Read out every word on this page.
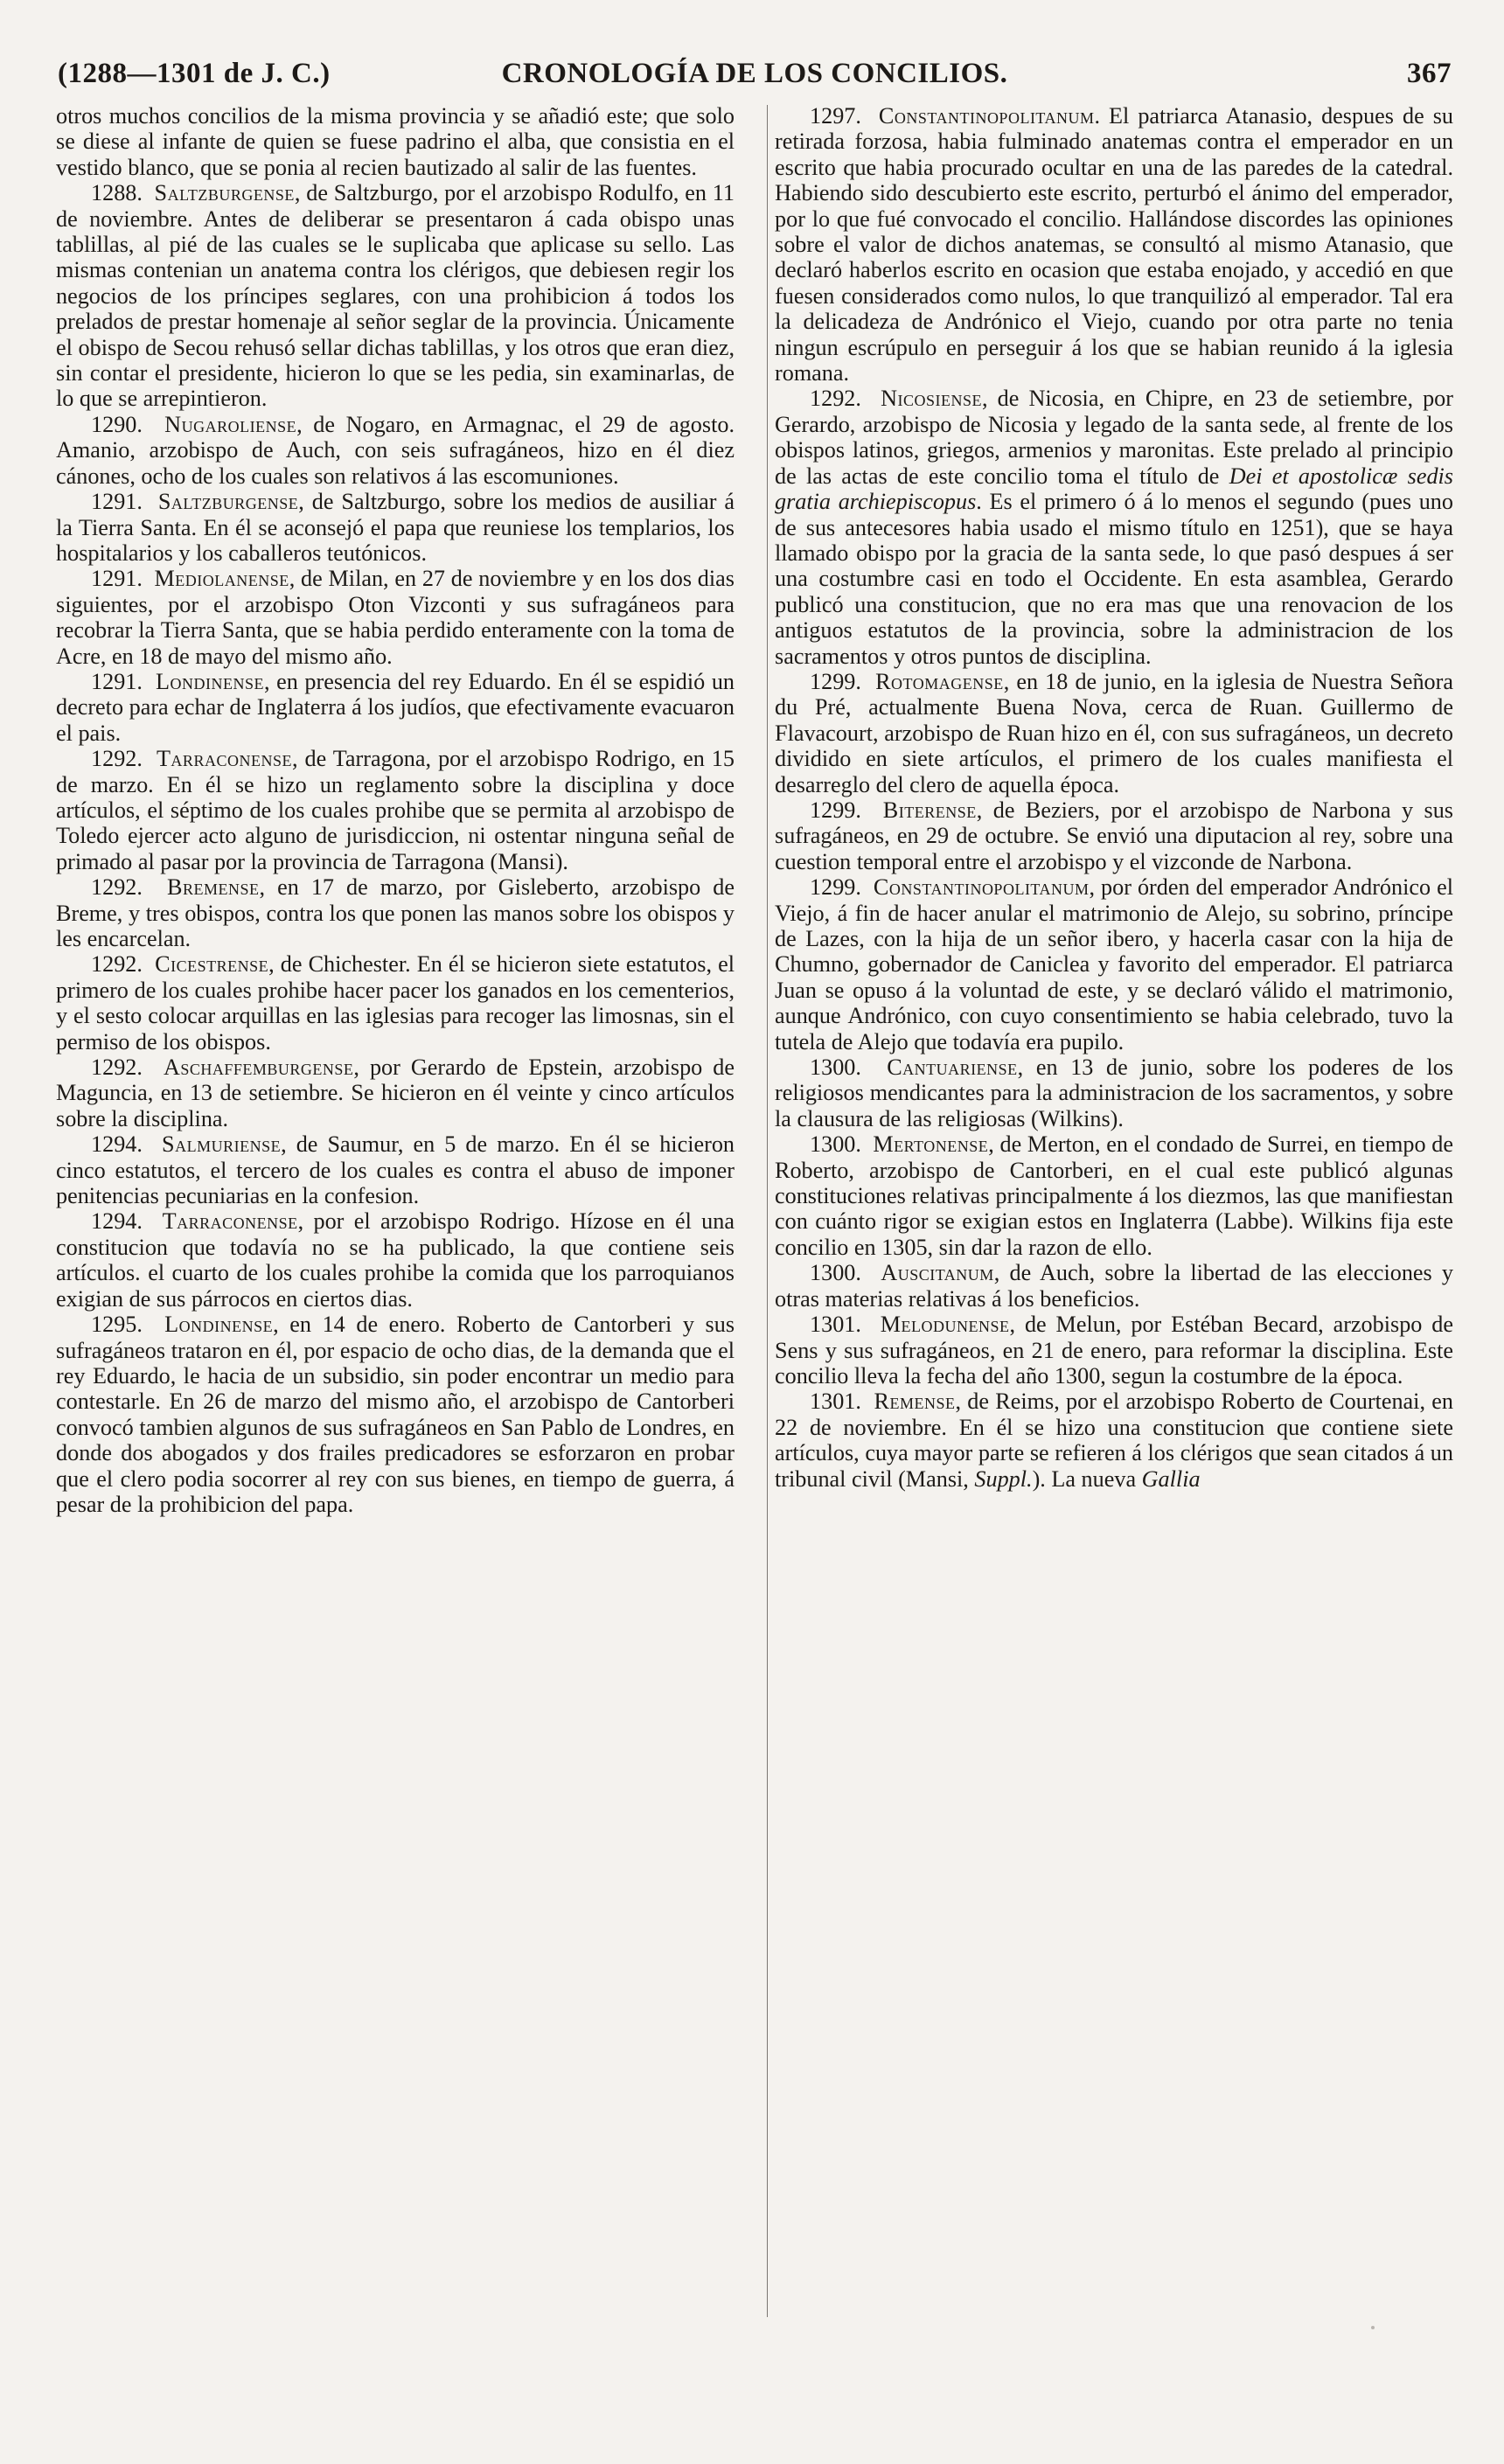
(1288—1301 de J. C.)	CRONOLOGÍA DE LOS CONCILIOS.	367

otros muchos concilios de la misma provincia y se añadió este; que solo se diese al infante de quien se fuese padrino el alba, que consistia en el vestido blanco, que se ponia al recien bautizado al salir de las fuentes.

1288. Saltzburgense, de Saltzburgo, por el arzobispo Rodulfo, en 11 de noviembre. Antes de deliberar se presentaron á cada obispo unas tablillas, al pié de las cuales se le suplicaba que aplicase su sello. Las mismas contenian un anatema contra los clérigos, que debiesen regir los negocios de los príncipes seglares, con una prohibicion á todos los prelados de prestar homenaje al señor seglar de la provincia. Únicamente el obispo de Secou rehusó sellar dichas tablillas, y los otros que eran diez, sin contar el presidente, hicieron lo que se les pedia, sin examinarlas, de lo que se arrepintieron.

1290. Nugaroliense, de Nogaro, en Armagnac, el 29 de agosto. Amanio, arzobispo de Auch, con seis sufragáneos, hizo en él diez cánones, ocho de los cuales son relativos á las escomuniones.

1291. Saltzburgense, de Saltzburgo, sobre los medios de ausiliar á la Tierra Santa. En él se aconsejó el papa que reuniese los templarios, los hospitalarios y los caballeros teutónicos.

1291. Mediolanense, de Milan, en 27 de noviembre y en los dos dias siguientes, por el arzobispo Oton Vizconti y sus sufragáneos para recobrar la Tierra Santa, que se habia perdido enteramente con la toma de Acre, en 18 de mayo del mismo año.

1291. Londinense, en presencia del rey Eduardo. En él se espidió un decreto para echar de Inglaterra á los judíos, que efectivamente evacuaron el pais.

1292. Tarraconense, de Tarragona, por el arzobispo Rodrigo, en 15 de marzo. En él se hizo un reglamento sobre la disciplina y doce artículos, el séptimo de los cuales prohibe que se permita al arzobispo de Toledo ejercer acto alguno de jurisdiccion, ni ostentar ninguna señal de primado al pasar por la provincia de Tarragona (Mansi).

1292. Bremense, en 17 de marzo, por Gisleberto, arzobispo de Breme, y tres obispos, contra los que ponen las manos sobre los obispos y les encarcelan.

1292. Cicestrense, de Chichester. En él se hicieron siete estatutos, el primero de los cuales prohibe hacer pacer los ganados en los cementerios, y el sesto colocar arquillas en las iglesias para recoger las limosnas, sin el permiso de los obispos.

1292. Aschaffemburgense, por Gerardo de Epstein, arzobispo de Maguncia, en 13 de setiembre. Se hicieron en él veinte y cinco artículos sobre la disciplina.

1294. Salmuriense, de Saumur, en 5 de marzo. En él se hicieron cinco estatutos, el tercero de los cuales es contra el abuso de imponer penitencias pecuniarias en la confesion.

1294. Tarraconense, por el arzobispo Rodrigo. Hízose en él una constitucion que todavía no se ha publicado, la que contiene seis artículos. el cuarto de los cuales prohibe la comida que los parroquianos exigian de sus párrocos en ciertos dias.

1295. Londinense, en 14 de enero. Roberto de Cantorberi y sus sufragáneos trataron en él, por espacio de ocho dias, de la demanda que el rey Eduardo, le hacia de un subsidio, sin poder encontrar un medio para contestarle. En 26 de marzo del mismo año, el arzobispo de Cantorberi convocó tambien algunos de sus sufragáneos en San Pablo de Londres, en donde dos abogados y dos frailes predicadores se esforzaron en probar que el clero podia socorrer al rey con sus bienes, en tiempo de guerra, á pesar de la prohibicion del papa.

1297. Constantinopolitanum. El patriarca Atanasio, despues de su retirada forzosa, habia fulminado anatemas contra el emperador en un escrito que habia procurado ocultar en una de las paredes de la catedral. Habiendo sido descubierto este escrito, perturbó el ánimo del emperador, por lo que fué convocado el concilio. Hallándose discordes las opiniones sobre el valor de dichos anatemas, se consultó al mismo Atanasio, que declaró haberlos escrito en ocasion que estaba enojado, y accedió en que fuesen considerados como nulos, lo que tranquilizó al emperador. Tal era la delicadeza de Andrónico el Viejo, cuando por otra parte no tenia ningun escrúpulo en perseguir á los que se habian reunido á la iglesia romana.

1292. Nicosiense, de Nicosia, en Chipre, en 23 de setiembre, por Gerardo, arzobispo de Nicosia y legado de la santa sede, al frente de los obispos latinos, griegos, armenios y maronitas. Este prelado al principio de las actas de este concilio toma el título de Dei et apostolicæ sedis gratia archiepiscopus. Es el primero ó á lo menos el segundo (pues uno de sus antecesores habia usado el mismo título en 1251), que se haya llamado obispo por la gracia de la santa sede, lo que pasó despues á ser una costumbre casi en todo el Occidente. En esta asamblea, Gerardo publicó una constitucion, que no era mas que una renovacion de los antiguos estatutos de la provincia, sobre la administracion de los sacramentos y otros puntos de disciplina.

1299. Rotomagense, en 18 de junio, en la iglesia de Nuestra Señora du Pré, actualmente Buena Nova, cerca de Ruan. Guillermo de Flavacourt, arzobispo de Ruan hizo en él, con sus sufragáneos, un decreto dividido en siete artículos, el primero de los cuales manifiesta el desarreglo del clero de aquella época.

1299. Biterense, de Beziers, por el arzobispo de Narbona y sus sufragáneos, en 29 de octubre. Se envió una diputacion al rey, sobre una cuestion temporal entre el arzobispo y el vizconde de Narbona.

1299. Constantinopolitanum, por órden del emperador Andrónico el Viejo, á fin de hacer anular el matrimonio de Alejo, su sobrino, príncipe de Lazes, con la hija de un señor ibero, y hacerla casar con la hija de Chumno, gobernador de Caniclea y favorito del emperador. El patriarca Juan se opuso á la voluntad de este, y se declaró válido el matrimonio, aunque Andrónico, con cuyo consentimiento se habia celebrado, tuvo la tutela de Alejo que todavía era pupilo.

1300. Cantuariense, en 13 de junio, sobre los poderes de los religiosos mendicantes para la administracion de los sacramentos, y sobre la clausura de las religiosas (Wilkins).

1300. Mertonense, de Merton, en el condado de Surrei, en tiempo de Roberto, arzobispo de Cantorberi, en el cual este publicó algunas constituciones relativas principalmente á los diezmos, las que manifiestan con cuánto rigor se exigian estos en Inglaterra (Labbe). Wilkins fija este concilio en 1305, sin dar la razon de ello.

1300. Auscitanum, de Auch, sobre la libertad de las elecciones y otras materias relativas á los beneficios.

1301. Melodunense, de Melun, por Estéban Becard, arzobispo de Sens y sus sufragáneos, en 21 de enero, para reformar la disciplina. Este concilio lleva la fecha del año 1300, segun la costumbre de la época.

1301. Remense, de Reims, por el arzobispo Roberto de Courtenai, en 22 de noviembre. En él se hizo una constitucion que contiene siete artículos, cuya mayor parte se refieren á los clérigos que sean citados á un tribunal civil (Mansi, Suppl.). La nueva Gallia
